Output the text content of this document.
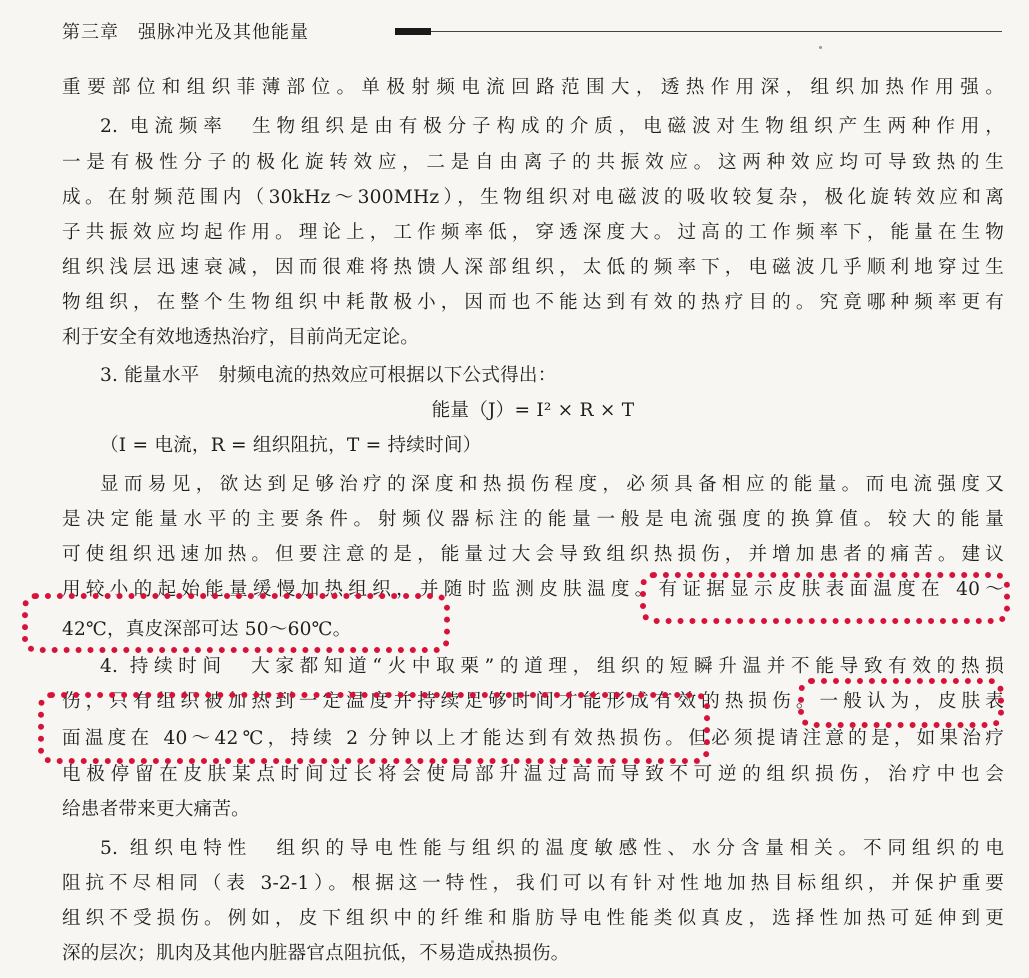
第三章　 强脉冲光及其他能量
重要部位和组织菲薄部位。单极射频电流回路范围大，透热作用深，组织加热作用强。
2. 电流频率　生物组织是由有极分子构成的介质，电磁波对生物组织产生两种作用，
一是有极性分子的极化旋转效应，二是自由离子的共振效应。这两种效应均可导致热的生
成。在射频范围内（30kHz～300MHz），生物组织对电磁波的吸收较复杂，极化旋转效应和离
子共振效应均起作用。理论上，工作频率低，穿透深度大。过高的工作频率下，能量在生物
组织浅层迅速衰减，因而很难将热馈人深部组织，太低的频率下，电磁波几乎顺利地穿过生
物组织，在整个生物组织中耗散极小，因而也不能达到有效的热疗目的。究竟哪种频率更有
利于安全有效地透热治疗，目前尚无定论。
3. 能量水平　射频电流的热效应可根据以下公式得出：
能量（J）= I² × R × T
（I = 电流，R = 组织阻抗，T = 持续时间）
显而易见，欲达到足够治疗的深度和热损伤程度，必须具备相应的能量。而电流强度又
是决定能量水平的主要条件。射频仪器标注的能量一般是电流强度的换算值。较大的能量
可使组织迅速加热。但要注意的是，能量过大会导致组织热损伤，并增加患者的痛苦。建议
用较小的起始能量缓慢加热组织，并随时监测皮肤温度。有证据显示皮肤表面温度在 40～
42℃，真皮深部可达 50～60℃。
4. 持续时间　大家都知道“火中取栗”的道理，组织的短瞬升温并不能导致有效的热损
伤，只有组织被加热到一定温度并持续足够时间才能形成有效的热损伤。一般认为，皮肤表
面温度在 40～42℃，持续 2 分钟以上才能达到有效热损伤。但必须提请注意的是，如果治疗
电极停留在皮肤某点时间过长将会使局部升温过高而导致不可逆的组织损伤，治疗中也会
给患者带来更大痛苦。
5. 组织电特性　组织的导电性能与组织的温度敏感性、水分含量相关。不同组织的电
阻抗不尽相同（表 3-2-1）。根据这一特性，我们可以有针对性地加热目标组织，并保护重要
组织不受损伤。例如，皮下组织中的纤维和脂肪导电性能类似真皮，选择性加热可延伸到更
深的层次；肌肉及其他内脏器官点阻抗低，不易造成热损伤。
